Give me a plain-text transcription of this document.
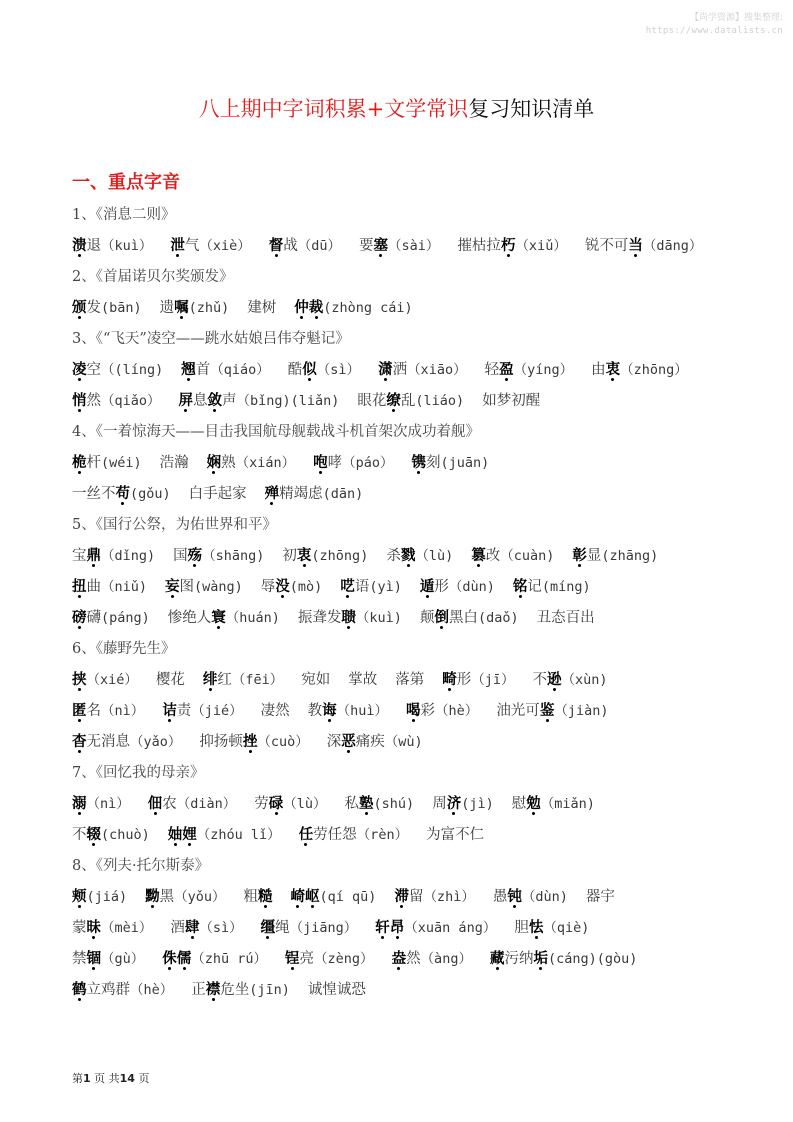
【尚学资源】搜集整理:
https://www.datalists.cn
八上期中字词积累+文学常识复习知识清单
一、重点字音
1、《消息二则》
溃退（kuì） 泄气（xiè） 督战（dū） 要塞（sài） 摧枯拉朽（xiǔ） 锐不可当（dāng）
2、《首届诺贝尔奖颁发》
颁发(bān) 遗嘱(zhǔ) 建树 仲裁(zhòng cái)
3、《“飞天”凌空——跳水姑娘吕伟夺魁记》
凌空（(líng) 翘首（qiáo） 酷似（sì） 潇洒（xiāo） 轻盈（yíng） 由衷（zhōng）
悄然（qiǎo） 屏息敛声（bǐng)(liǎn) 眼花缭乱(liáo) 如梦初醒
4、《一着惊海天——目击我国航母舰载战斗机首架次成功着舰》
桅杆(wéi) 浩瀚 娴熟（xián） 咆哮（páo） 镌刻(juān)
一丝不苟(gǒu) 白手起家 殚精竭虑(dān)
5、《国行公祭，为佑世界和平》
宝鼎（dǐng) 国殇（shāng) 初衷(zhōng) 杀戮（lù) 篡改（cuàn) 彰显(zhāng)
扭曲（niǔ) 妄图(wàng) 辱没(mò) 呓语(yì) 遁形（dùn) 铭记(míng)
磅礴(páng) 惨绝人寰（huán) 振聋发聩（kuì) 颠倒黑白(daǒ) 丑态百出
6、《藤野先生》
挟（xié） 樱花 绯红（fēi） 宛如 掌故 落第 畸形（jī） 不逊（xùn)
匿名（nì） 诘责（jié） 凄然 教诲（huì） 喝彩（hè） 油光可鉴（jiàn)
杳无消息（yǎo） 抑扬顿挫（cuò） 深恶痛疾（wù)
7、《回忆我的母亲》
溺（nì） 佃农（diàn） 劳碌（lù） 私塾(shú) 周济(jì) 慰勉（miǎn)
不辍(chuò) 妯娌（zhóu lǐ） 任劳任怨（rèn） 为富不仁
8、《列夫·托尔斯泰》
颊(jiá) 黝黑（yǒu） 粗糙 崎岖(qí qū) 滞留（zhì） 愚钝（dùn) 器宇
蒙昧（mèi） 酒肆（sì） 缰绳（jiāng） 轩昂（xuān áng） 胆怯（qiè)
禁锢（gù） 侏儒（zhū rú） 锃亮（zèng） 盎然（àng） 藏污纳垢(cáng)(gòu)
鹤立鸡群（hè） 正襟危坐(jīn) 诚惶诚恐
第1 页 共14 页
